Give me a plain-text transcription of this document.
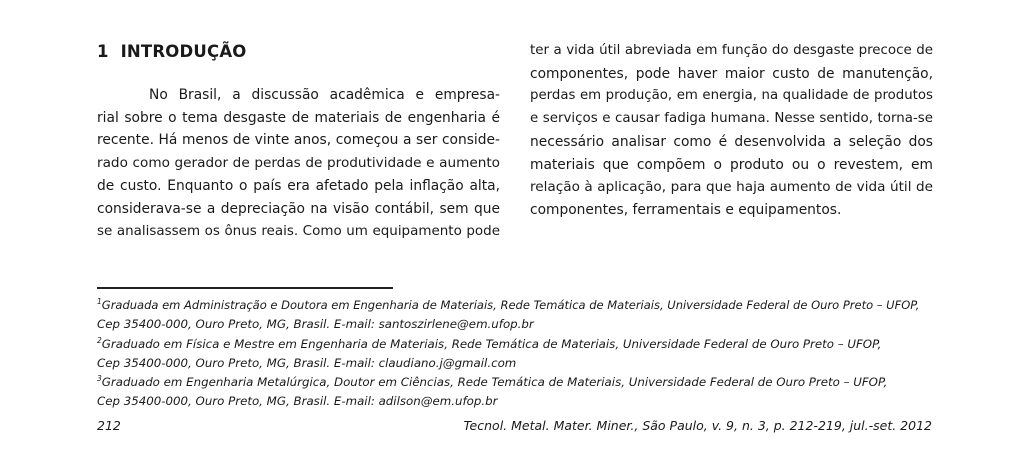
1 INTRODUÇÃO
No Brasil, a discussão acadêmica e empresa-
rial sobre o tema desgaste de materiais de engenharia é
recente. Há menos de vinte anos, começou a ser conside-
rado como gerador de perdas de produtividade e aumento
de custo. Enquanto o país era afetado pela inflação alta,
considerava-se a depreciação na visão contábil, sem que
se analisassem os ônus reais. Como um equipamento pode
ter a vida útil abreviada em função do desgaste precoce de
componentes, pode haver maior custo de manutenção,
perdas em produção, em energia, na qualidade de produtos
e serviços e causar fadiga humana. Nesse sentido, torna-se
necessário analisar como é desenvolvida a seleção dos
materiais que compõem o produto ou o revestem, em
relação à aplicação, para que haja aumento de vida útil de
componentes, ferramentais e equipamentos.
$^1$Graduada em Administração e Doutora em Engenharia de Materiais, Rede Temática de Materiais, Universidade Federal de Ouro Preto – UFOP,
Cep 35400-000, Ouro Preto, MG, Brasil. E-mail: santoszirlene@em.ufop.br
$^2$Graduado em Física e Mestre em Engenharia de Materiais, Rede Temática de Materiais, Universidade Federal de Ouro Preto – UFOP,
Cep 35400-000, Ouro Preto, MG, Brasil. E-mail: claudiano.j@gmail.com
$^3$Graduado em Engenharia Metalúrgica, Doutor em Ciências, Rede Temática de Materiais, Universidade Federal de Ouro Preto – UFOP,
Cep 35400-000, Ouro Preto, MG, Brasil. E-mail: adilson@em.ufop.br
212	Tecnol. Metal. Mater. Miner., São Paulo, v. 9, n. 3, p. 212-219, jul.-set. 2012
